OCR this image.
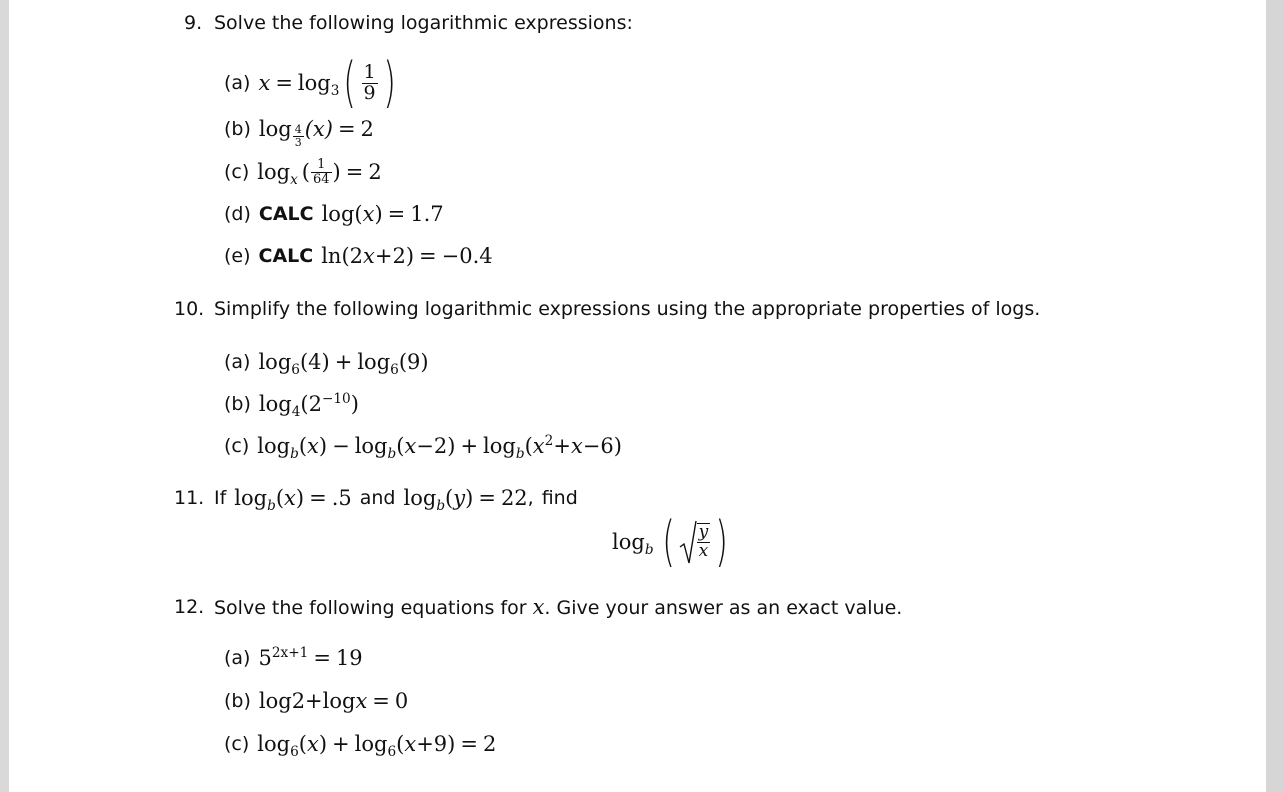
9. Solve the following logarithmic expressions:
(a) $x = \log_3$ ( $\frac{1}{9}$ )
(b) $\log \frac{4}{3} (x) = 2$
(c) $\log_x$ ( $\frac{1}{64}$ ) = 2
(d) CALC log( x ) = 1.7
(e) CALC ln(2 x +2) = −0.4
10. Simplify the following logarithmic expressions using the appropriate properties of logs.
(a) $\log_6(4) + \log_6(9)$
(b) $\log_4(2^{-10})$
(c) $\log_b(x) - \log_b(x-2) + \log_b(x^2+x-6)$
11. If $\log_b(x) = .5$ and $\log_b(y) = 22$ , find
$\log_b$ ( $\frac{y}{x}$ )
12. Solve the following equations for x. Give your answer as an exact value.
(a) $5^{2x+1} = 19$
(b) log2+log x = 0
(c) $\log_6(x) + \log_6(x+9) = 2$
